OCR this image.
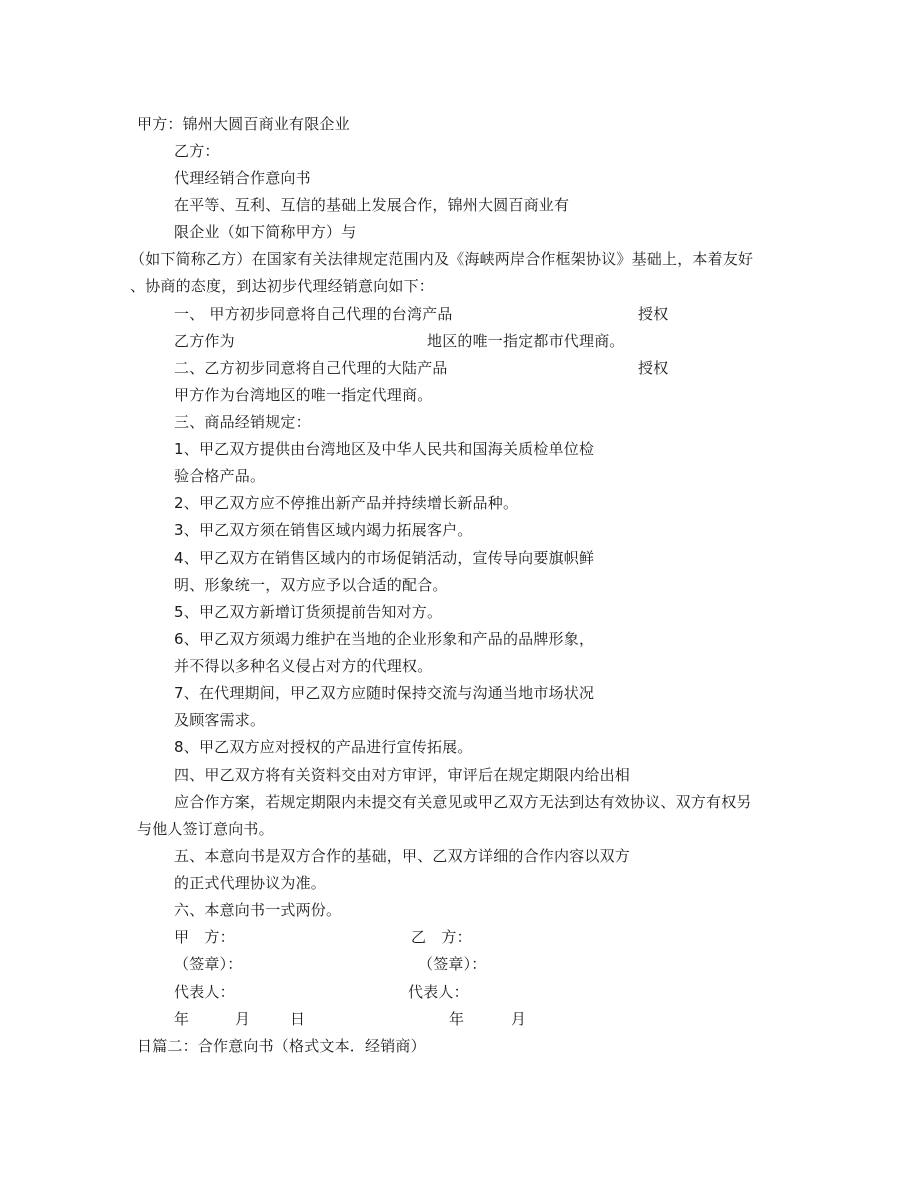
甲方：锦州大圆百商业有限企业
乙方：
代理经销合作意向书
在平等、互利、互信的基础上发展合作，锦州大圆百商业有
限企业（如下简称甲方）与
（如下简称乙方）在国家有关法律规定范围内及《海峡两岸合作框架协议》基础上，本着友好
、协商的态度，到达初步代理经销意向如下：
一、 甲方初步同意将自己代理的台湾产品	授权
乙方作为	地区的唯一指定都市代理商。
二、乙方初步同意将自己代理的大陆产品	授权
甲方作为台湾地区的唯一指定代理商。
三、商品经销规定：
1、甲乙双方提供由台湾地区及中华人民共和国海关质检单位检
验合格产品。
2、甲乙双方应不停推出新产品并持续增长新品种。
3、甲乙双方须在销售区域内竭力拓展客户。
4、甲乙双方在销售区域内的市场促销活动，宣传导向要旗帜鲜
明、形象统一，双方应予以合适的配合。
5、甲乙双方新增订货须提前告知对方。
6、甲乙双方须竭力维护在当地的企业形象和产品的品牌形象，
并不得以多种名义侵占对方的代理权。
7、在代理期间，甲乙双方应随时保持交流与沟通当地市场状况
及顾客需求。
8、甲乙双方应对授权的产品进行宣传拓展。
四、甲乙双方将有关资料交由对方审评，审评后在规定期限内给出相
应合作方案，若规定期限内未提交有关意见或甲乙双方无法到达有效协议、双方有权另
与他人签订意向书。
五、本意向书是双方合作的基础，甲、乙双方详细的合作内容以双方
的正式代理协议为准。
六、本意向书一式两份。
甲　方：	乙　方：
（签章）：	（签章）：
代表人：	代表人：
年	月	日	年	月
日篇二：合作意向书（格式文本．经销商）
